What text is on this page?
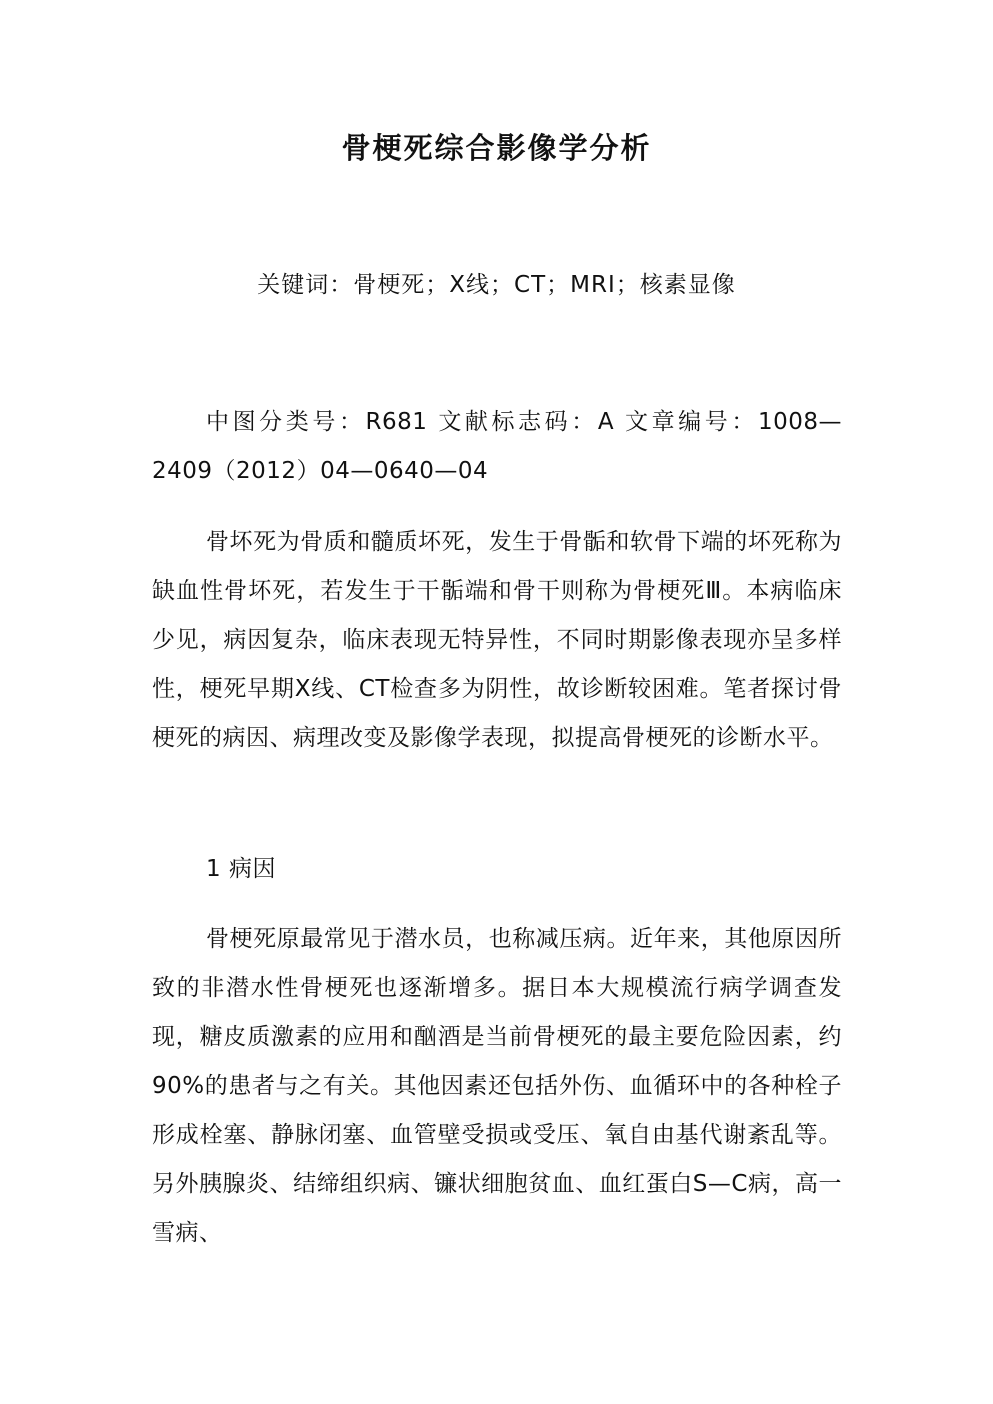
骨梗死综合影像学分析
关键词：骨梗死；X线；CT；MRI；核素显像

中图分类号：R681 文献标志码：A 文章编号：1008—2409（2012）04—0640—04

骨坏死为骨质和髓质坏死，发生于骨骺和软骨下端的坏死称为缺血性骨坏死，若发生于干骺端和骨干则称为骨梗死Ⅲ。本病临床少见，病因复杂，临床表现无特异性，不同时期影像表现亦呈多样性，梗死早期X线、CT检查多为阴性，故诊断较困难。笔者探讨骨梗死的病因、病理改变及影像学表现，拟提高骨梗死的诊断水平。

1 病因

骨梗死原最常见于潜水员，也称减压病。近年来，其他原因所致的非潜水性骨梗死也逐渐增多。据日本大规模流行病学调查发现，糖皮质激素的应用和酗酒是当前骨梗死的最主要危险因素，约90%的患者与之有关。其他因素还包括外伤、血循环中的各种栓子形成栓塞、静脉闭塞、血管壁受损或受压、氧自由基代谢紊乱等。另外胰腺炎、结缔组织病、镰状细胞贫血、血红蛋白S—C病，高一雪病、
